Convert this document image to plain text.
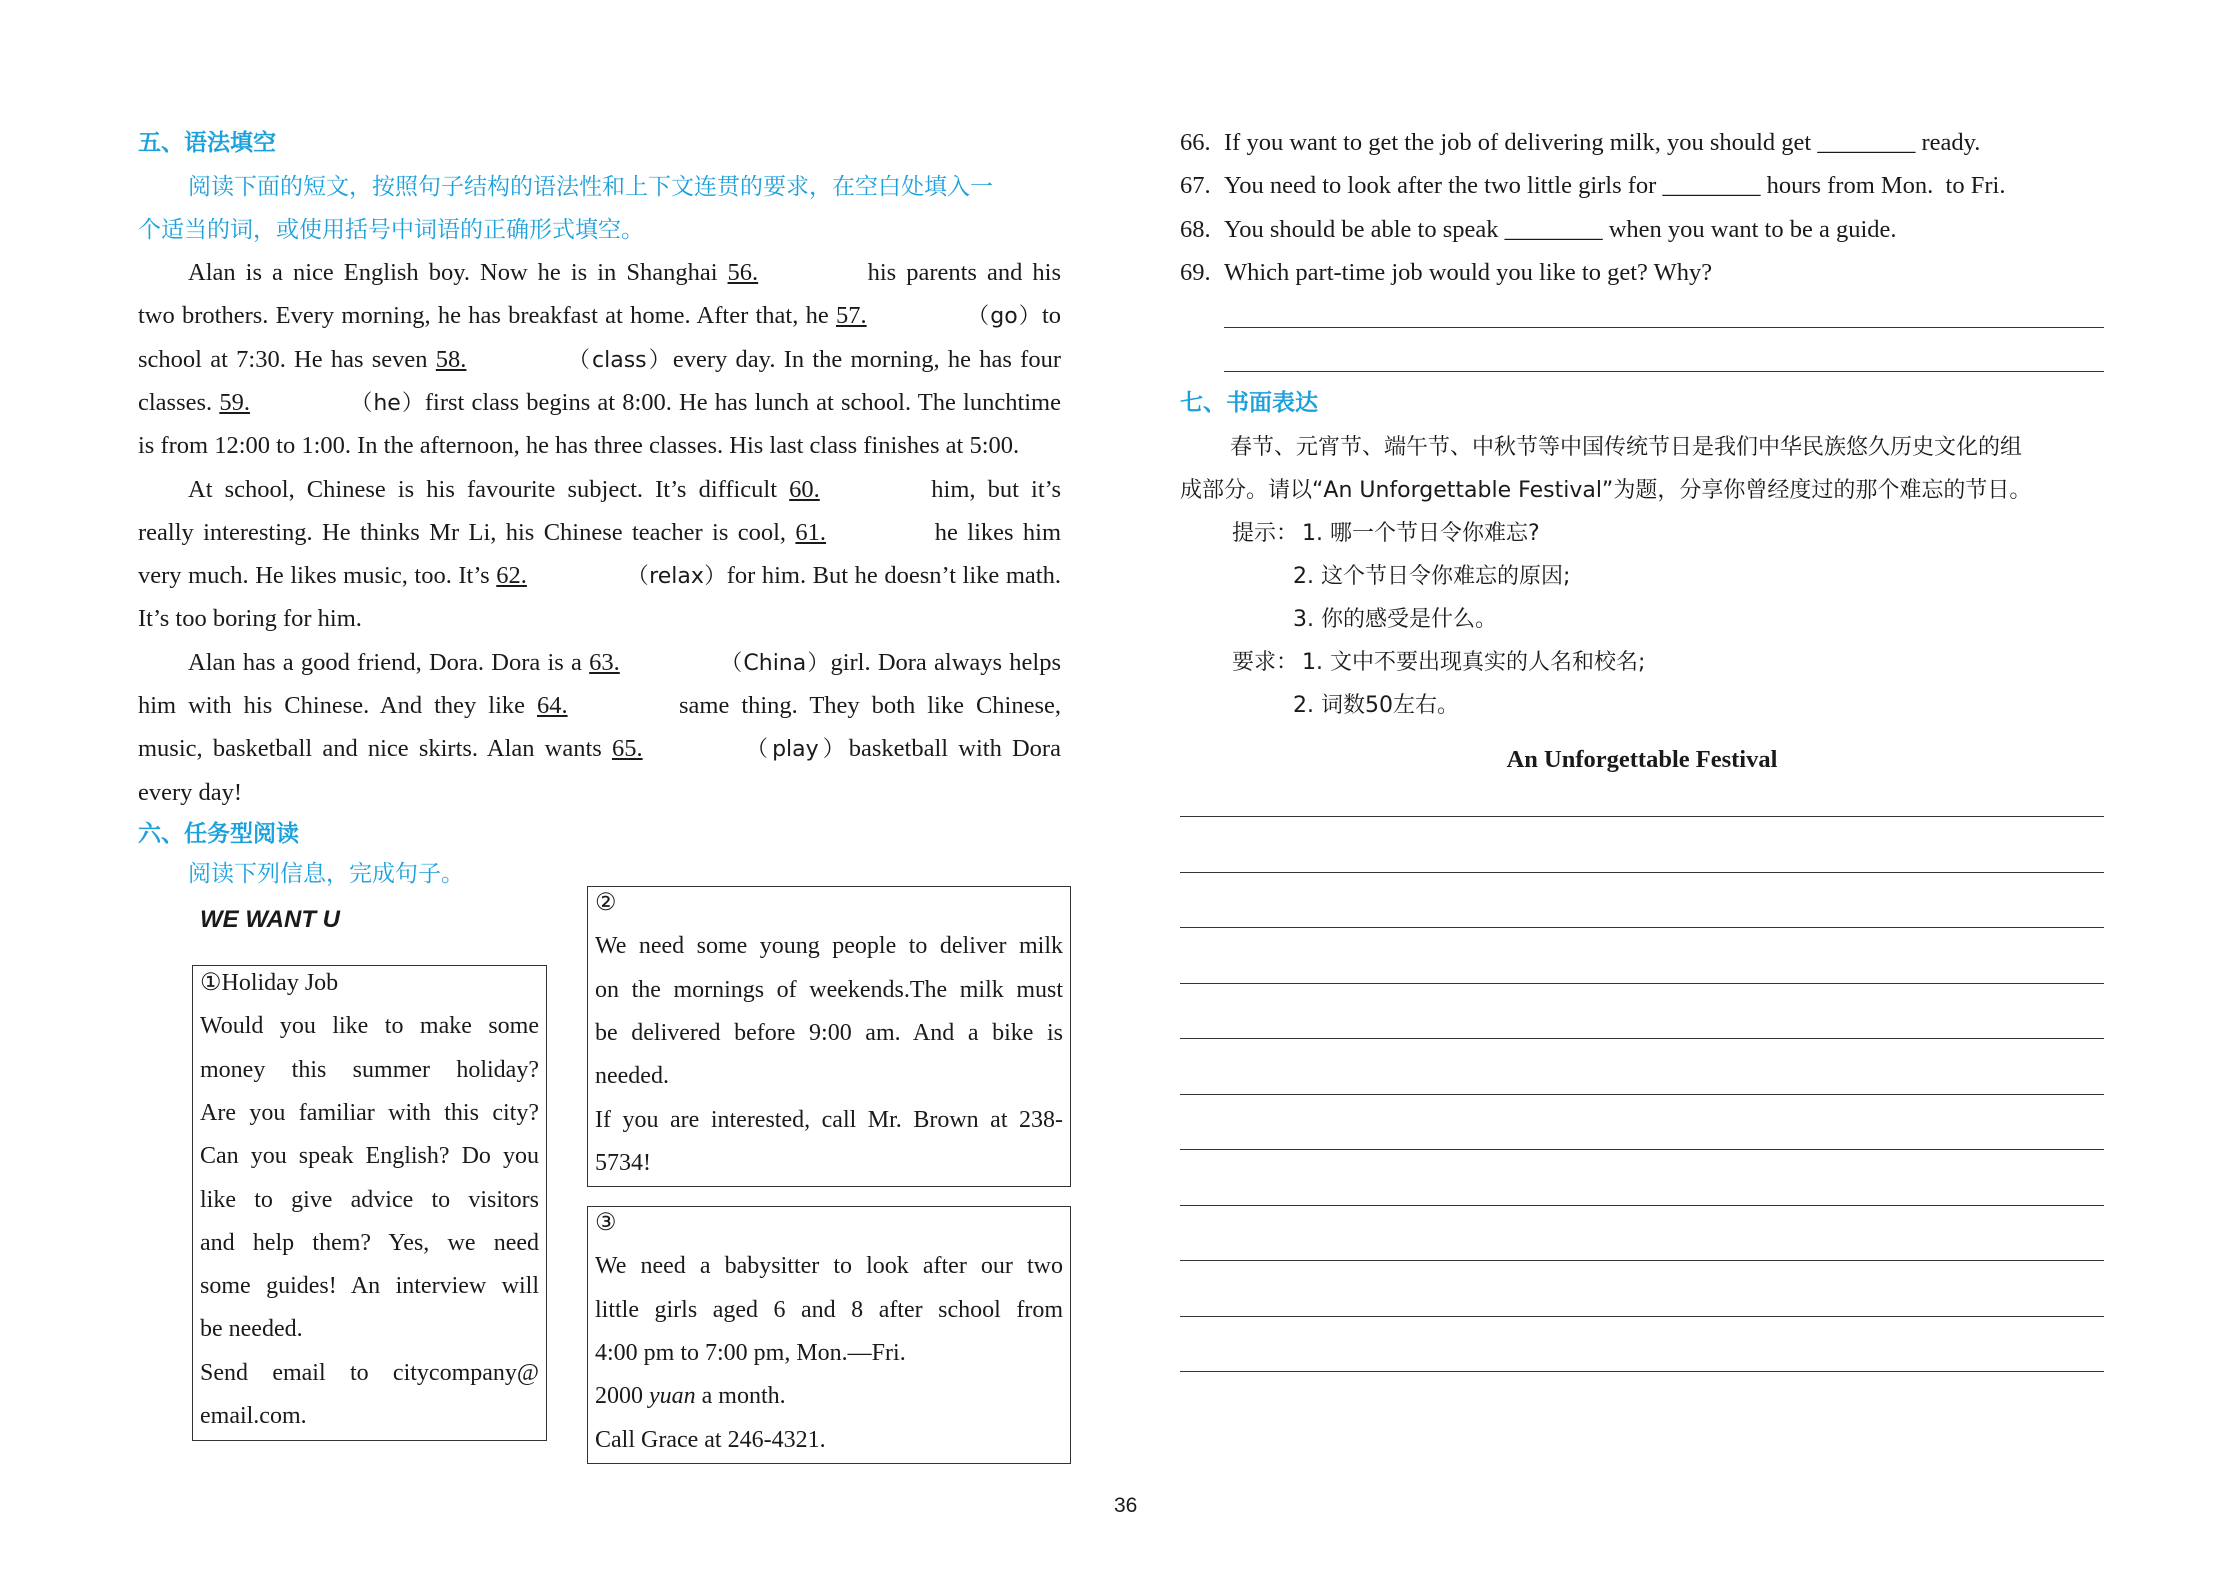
五、语法填空
阅读下面的短文，按照句子结构的语法性和上下文连贯的要求，在空白处填入一
个适当的词，或使用括号中词语的正确形式填空。
Alan is a nice English boy. Now he is in Shanghai 56.	his parents and his
two brothers. Every morning, he has breakfast at home. After that, he 57.	（go）to
school at 7:30. He has seven 58.	（class）every day. In the morning, he has four
classes. 59.	（he）first class begins at 8:00. He has lunch at school. The lunchtime
is from 12:00 to 1:00. In the afternoon, he has three classes. His last class finishes at 5:00.
At school, Chinese is his favourite subject. It’s difficult 60.	him, but it’s
really interesting. He thinks Mr Li, his Chinese teacher is cool, 61.	he likes him
very much. He likes music, too. It’s 62.	（relax）for him. But he doesn’t like math.
It’s too boring for him.
Alan has a good friend, Dora. Dora is a 63.	（China）girl. Dora always helps
him with his Chinese. And they like 64.	same thing. They both like Chinese,
music, basketball and nice skirts. Alan wants 65.	（play）basketball with Dora
every day!
六、任务型阅读
阅读下列信息，完成句子。
WE WANT U
①Holiday Job
Would you like to make some
money this summer holiday?
Are you familiar with this city?
Can you speak English? Do you
like to give advice to visitors
and help them? Yes, we need
some guides! An interview will
be needed.
Send email to citycompany@
email.com.
②
We need some young people to deliver milk
on the mornings of weekends.The milk must
be delivered before 9:00 am. And a bike is
needed.
If you are interested, call Mr. Brown at 238-
5734!
③
We need a babysitter to look after our two
little girls aged 6 and 8 after school from
4:00 pm to 7:00 pm, Mon.—Fri.
2000 yuan a month.
Call Grace at 246-4321.
66. If you want to get the job of delivering milk, you should get ________ ready.
67. You need to look after the two little girls for ________ hours from Mon.  to Fri.
68. You should be able to speak ________ when you want to be a guide.
69. Which part-time job would you like to get? Why?
七、书面表达
春节、元宵节、端午节、中秋节等中国传统节日是我们中华民族悠久历史文化的组
成部分。请以“An Unforgettable Festival”为题，分享你曾经度过的那个难忘的节日。
提示： 1. 哪一个节日令你难忘?
2. 这个节日令你难忘的原因;
3. 你的感受是什么。
要求： 1. 文中不要出现真实的人名和校名;
2. 词数50左右。
An Unforgettable Festival
36
